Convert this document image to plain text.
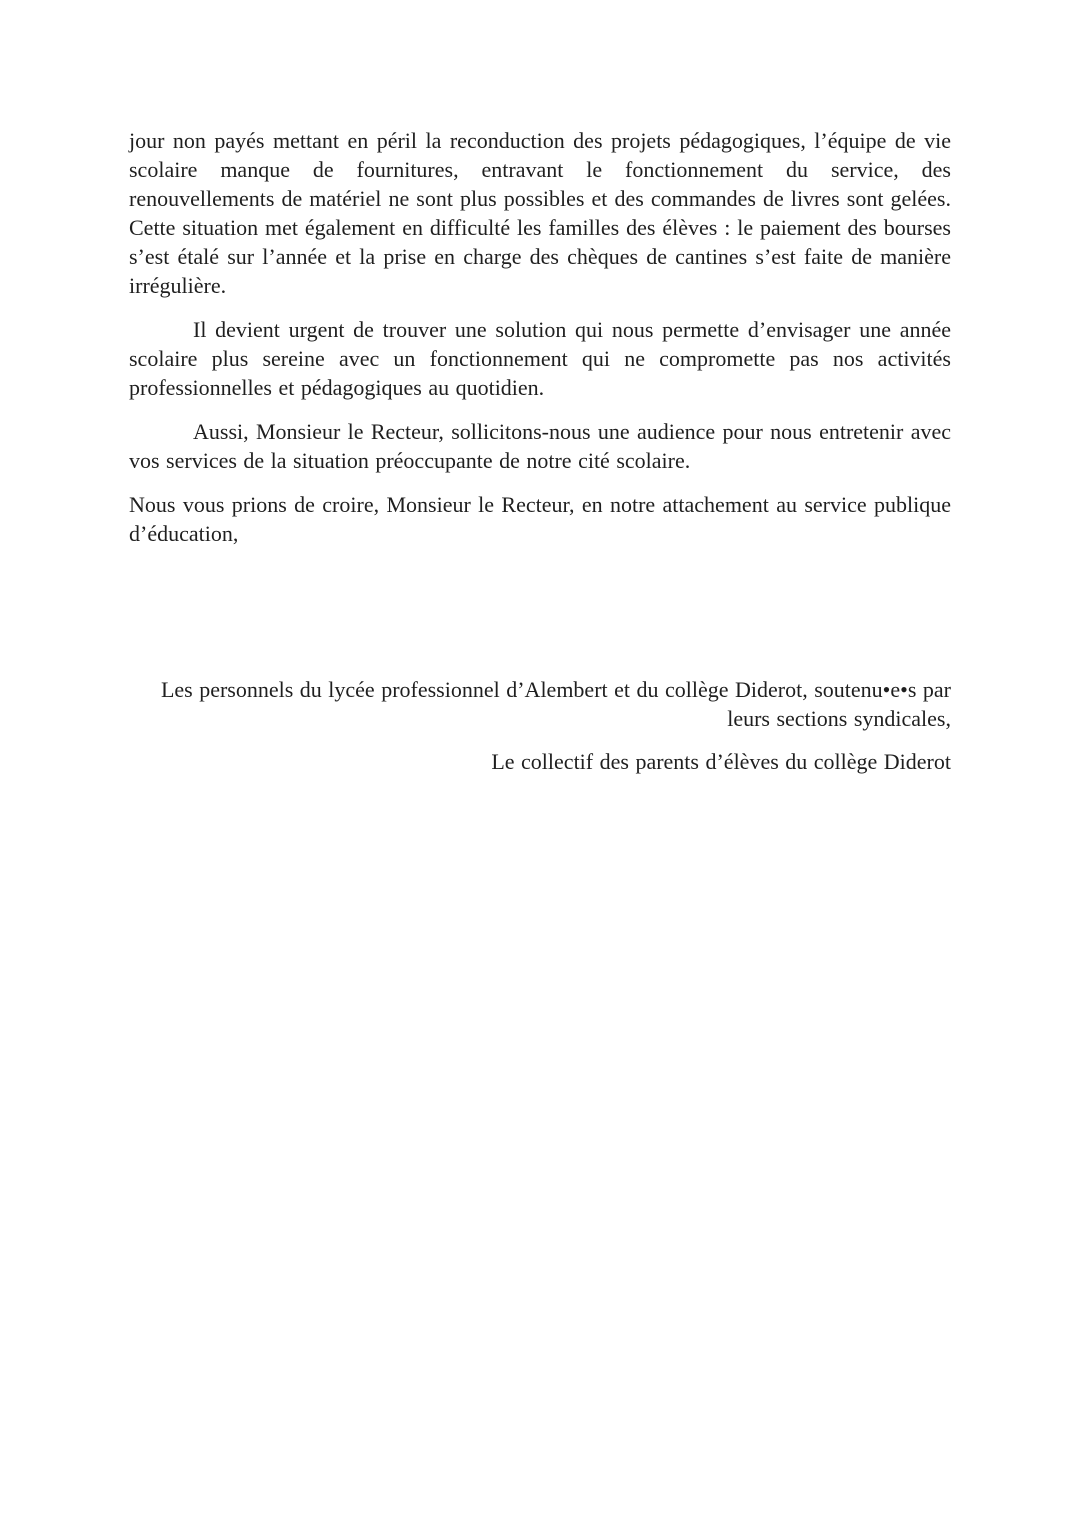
jour non payés mettant en péril la reconduction des projets pédagogiques, l’équipe de vie scolaire manque de fournitures, entravant le fonctionnement du service, des renouvellements de matériel ne sont plus possibles et des commandes de livres sont gelées. Cette situation met également en difficulté les familles des élèves : le paiement des bourses s’est étalé sur l’année et la prise en charge des chèques de cantines s’est faite de manière irrégulière.

Il devient urgent de trouver une solution qui nous permette d’envisager une année scolaire plus sereine avec un fonctionnement qui ne compromette pas nos activités professionnelles et pédagogiques au quotidien.

Aussi, Monsieur le Recteur, sollicitons-nous une audience pour nous entretenir avec vos services de la situation préoccupante de notre cité scolaire.

Nous vous prions de croire, Monsieur le Recteur, en notre attachement au service publique d’éducation,

Les personnels du lycée professionnel d’Alembert et du collège Diderot, soutenu•e•s par leurs sections syndicales,

Le collectif des parents d’élèves du collège Diderot
